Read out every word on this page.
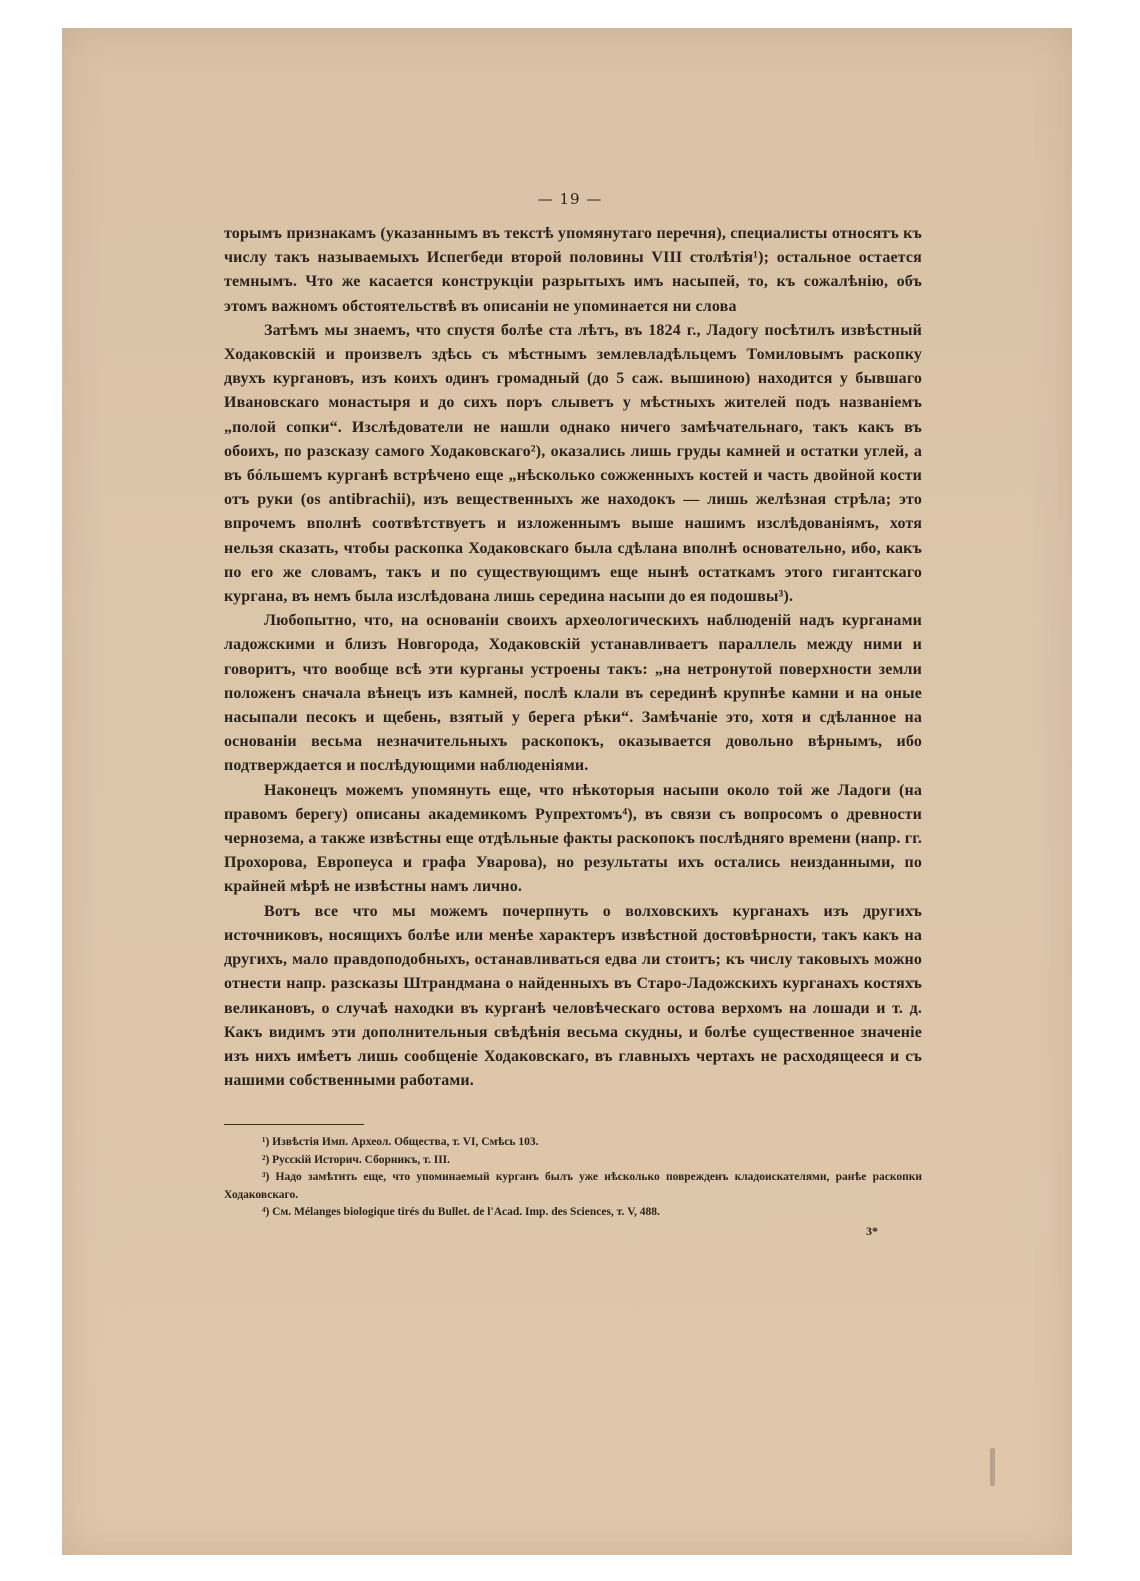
— 19 —

торымъ признакамъ (указаннымъ въ текстѣ упомянутаго перечня), специалисты относятъ къ числу такъ называемыхъ Испегбеди второй половины VIII столѣтія¹); остальное остается темнымъ. Что же касается конструкціи разрытыхъ имъ насыпей, то, къ сожалѣнію, объ этомъ важномъ обстоятельствѣ въ описаніи не упоминается ни слова

Затѣмъ мы знаемъ, что спустя болѣе ста лѣтъ, въ 1824 г., Ладогу посѣтилъ извѣстный Ходаковскій и произвелъ здѣсь съ мѣстнымъ землевладѣльцемъ Томиловымъ раскопку двухъ кургановъ, изъ коихъ одинъ громадный (до 5 саж. вышиною) находится у бывшаго Ивановскаго монастыря и до сихъ поръ слыветъ у мѣстныхъ жителей подъ названіемъ „полой сопки“. Изслѣдователи не нашли однако ничего замѣчательнаго, такъ какъ въ обоихъ, по разсказу самого Ходаковскаго²), оказались лишь груды камней и остатки углей, а въ бóльшемъ курганѣ встрѣчено еще „нѣсколько сожженныхъ костей и часть двойной кости отъ руки (os antibrachii), изъ вещественныхъ же находокъ — лишь желѣзная стрѣла; это впрочемъ вполнѣ соотвѣтствуетъ и изложеннымъ выше нашимъ изслѣдованіямъ, хотя нельзя сказать, чтобы раскопка Ходаковскаго была сдѣлана вполнѣ основательно, ибо, какъ по его же словамъ, такъ и по существующимъ еще нынѣ остаткамъ этого гигантскаго кургана, въ немъ была изслѣдована лишь середина насыпи до ея подошвы³).

Любопытно, что, на основаніи своихъ археологическихъ наблюденій надъ курганами ладожскими и близъ Новгорода, Ходаковскій устанавливаетъ параллель между ними и говоритъ, что вообще всѣ эти курганы устроены такъ: „на нетронутой поверхности земли положенъ сначала вѣнецъ изъ камней, послѣ клали въ серединѣ крупнѣе камни и на оные насыпали песокъ и щебень, взятый у берега рѣки“. Замѣчаніе это, хотя и сдѣланное на основаніи весьма незначительныхъ раскопокъ, оказывается довольно вѣрнымъ, ибо подтверждается и послѣдующими наблюденіями.

Наконецъ можемъ упомянуть еще, что нѣкоторыя насыпи около той же Ладоги (на правомъ берегу) описаны академикомъ Рупрехтомъ⁴), въ связи съ вопросомъ о древности чернозема, а также извѣстны еще отдѣльные факты раскопокъ послѣдняго времени (напр. гг. Прохорова, Европеуса и графа Уварова), но результаты ихъ остались неизданными, по крайней мѣрѣ не извѣстны намъ лично.

Вотъ все что мы можемъ почерпнуть о волховскихъ курганахъ изъ другихъ источниковъ, носящихъ болѣе или менѣе характеръ извѣстной достовѣрности, такъ какъ на другихъ, мало правдоподобныхъ, останавливаться едва ли стоитъ; къ числу таковыхъ можно отнести напр. разсказы Штрандмана о найденныхъ въ Старо-Ладожскихъ курганахъ костяхъ великановъ, о случаѣ находки въ курганѣ человѣческаго остова верхомъ на лошади и т. д. Какъ видимъ эти дополнительныя свѣдѣнія весьма скудны, и болѣе существенное значеніе изъ нихъ имѣетъ лишь сообщеніе Ходаковскаго, въ главныхъ чертахъ не расходящееся и съ нашими собственными работами.

¹) Извѣстія Имп. Археол. Общества, т. VI, Смѣсь 103.

²) Русскій Историч. Сборникъ, т. III.

³) Надо замѣтить еще, что упоминаемый курганъ былъ уже нѣсколько поврежденъ кладоискателями, ранѣе раскопки Ходаковскаго.

⁴) См. Mélanges biologique tirés du Bullet. de l'Acad. Imp. des Sciences, т. V, 488.

3*
